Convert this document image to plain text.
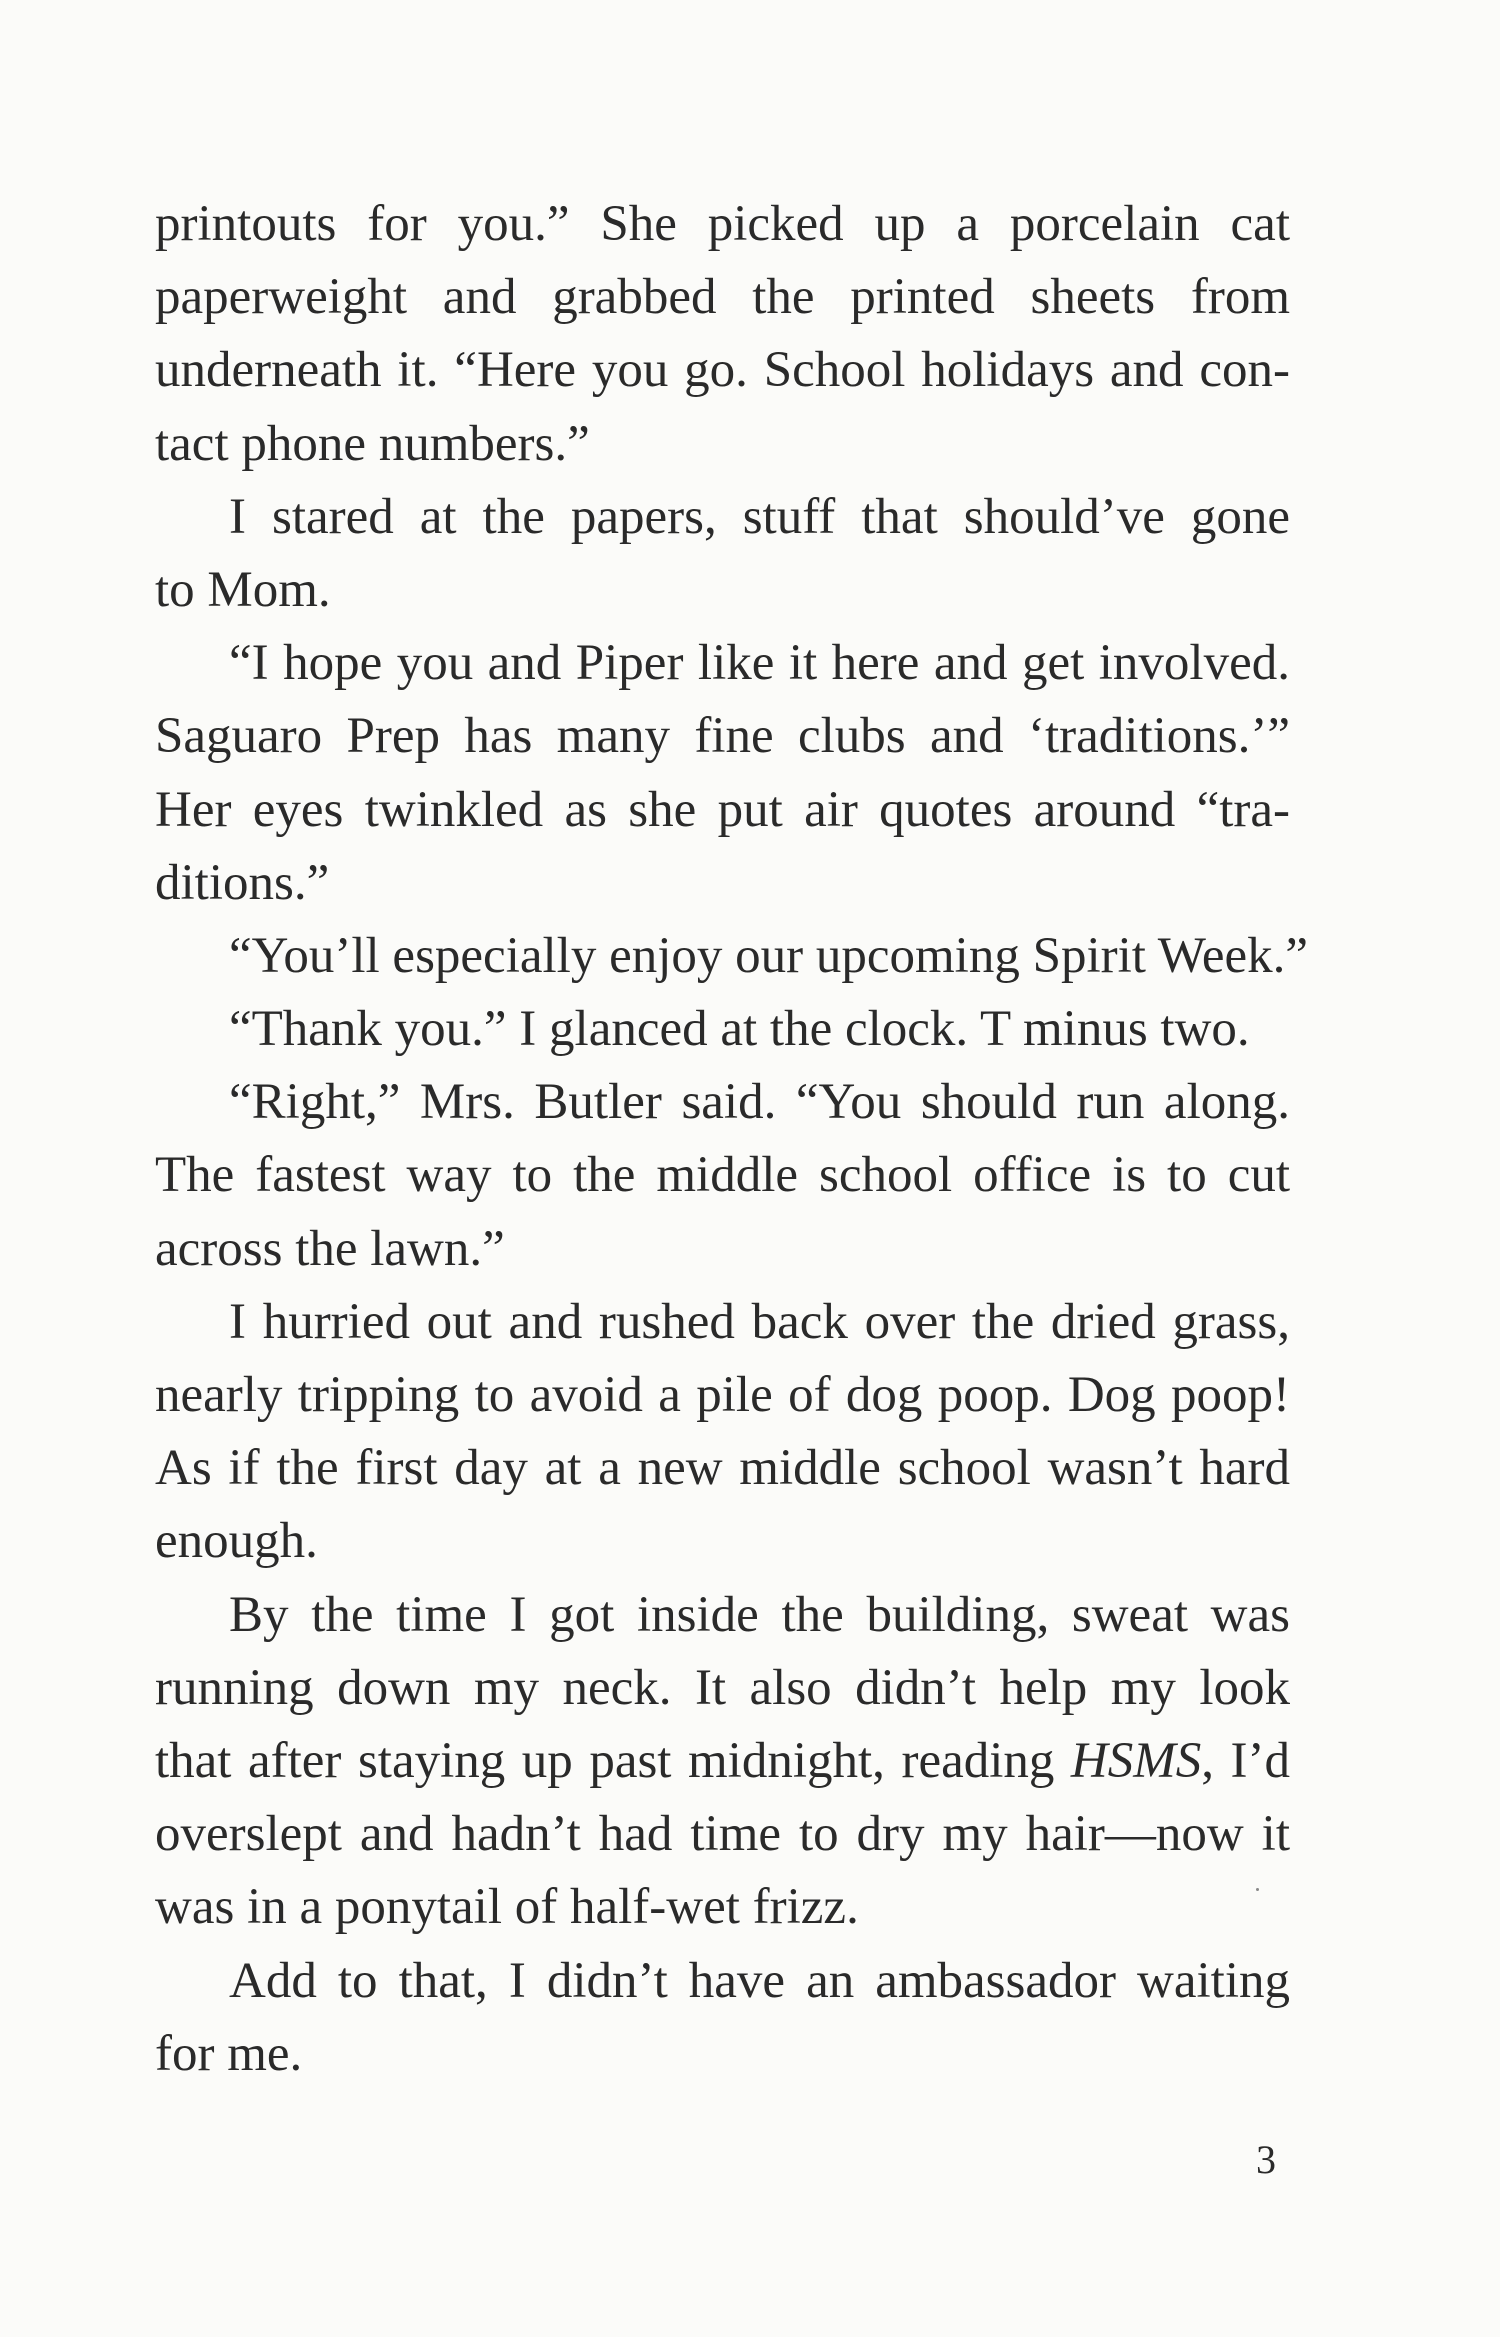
printouts for you.” She picked up a porcelain cat
paperweight and grabbed the printed sheets from
underneath it. “Here you go. School holidays and con-
tact phone numbers.”
I stared at the papers, stuff that should’ve gone
to Mom.
“I hope you and Piper like it here and get involved.
Saguaro Prep has many fine clubs and ‘traditions.’”
Her eyes twinkled as she put air quotes around “tra-
ditions.”
“You’ll especially enjoy our upcoming Spirit Week.”
“Thank you.” I glanced at the clock. T minus two.
“Right,” Mrs. Butler said. “You should run along.
The fastest way to the middle school office is to cut
across the lawn.”
I hurried out and rushed back over the dried grass,
nearly tripping to avoid a pile of dog poop. Dog poop!
As if the first day at a new middle school wasn’t hard
enough.
By the time I got inside the building, sweat was
running down my neck. It also didn’t help my look
that after staying up past midnight, reading HSMS, I’d
overslept and hadn’t had time to dry my hair—now it
was in a ponytail of half-wet frizz.
Add to that, I didn’t have an ambassador waiting
for me.
3
